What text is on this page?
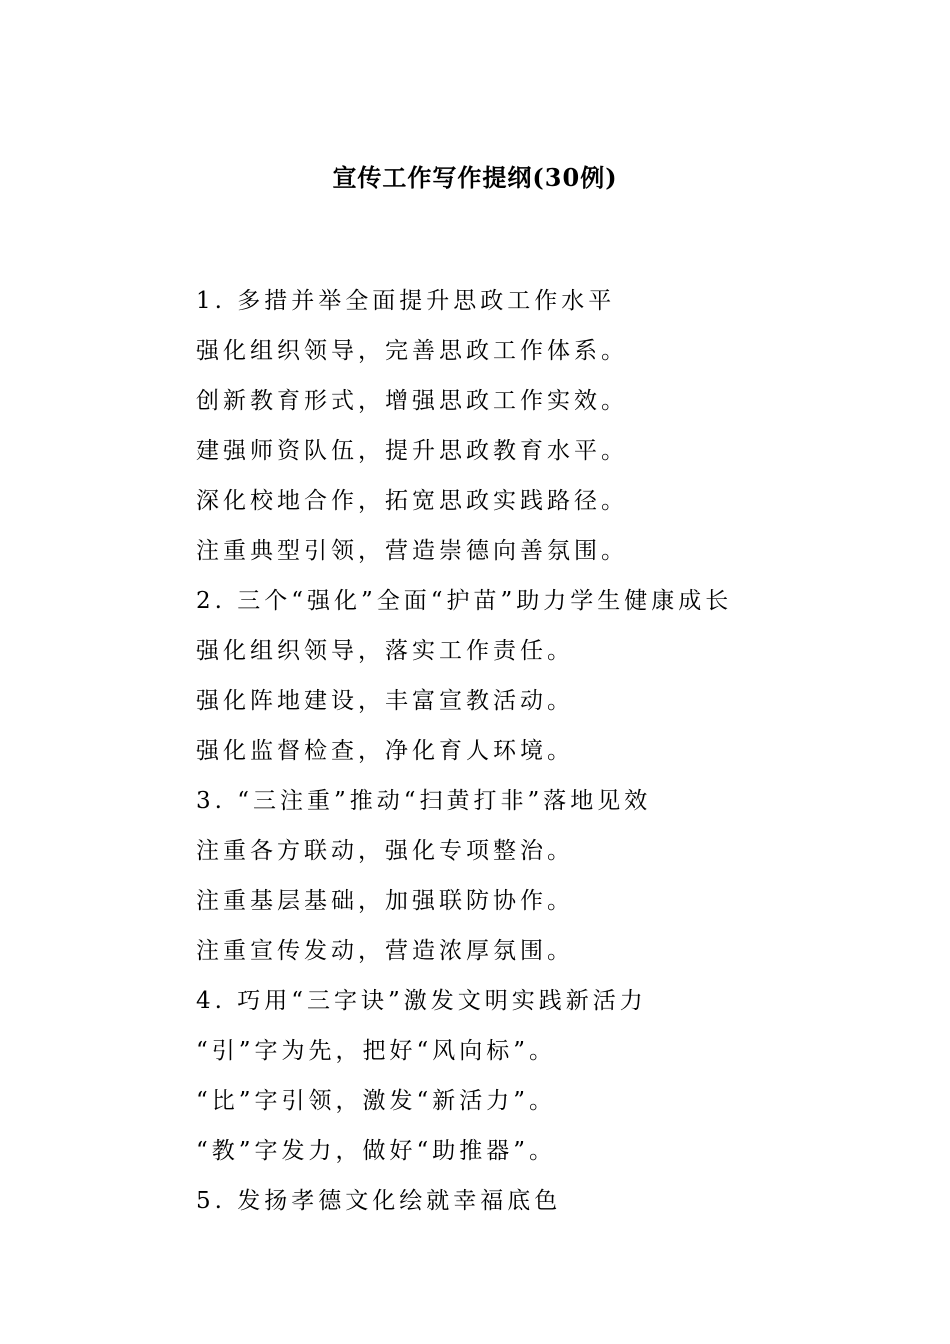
宣传工作写作提纲(30例)
1. 多措并举全面提升思政工作水平
强化组织领导，完善思政工作体系。
创新教育形式，增强思政工作实效。
建强师资队伍，提升思政教育水平。
深化校地合作，拓宽思政实践路径。
注重典型引领，营造崇德向善氛围。
2. 三个“强化”全面“护苗”助力学生健康成长
强化组织领导，落实工作责任。
强化阵地建设，丰富宣教活动。
强化监督检查，净化育人环境。
3. “三注重”推动“扫黄打非”落地见效
注重各方联动，强化专项整治。
注重基层基础，加强联防协作。
注重宣传发动，营造浓厚氛围。
4. 巧用“三字诀”激发文明实践新活力
“引”字为先，把好“风向标”。
“比”字引领，激发“新活力”。
“教”字发力，做好“助推器”。
5. 发扬孝德文化绘就幸福底色
